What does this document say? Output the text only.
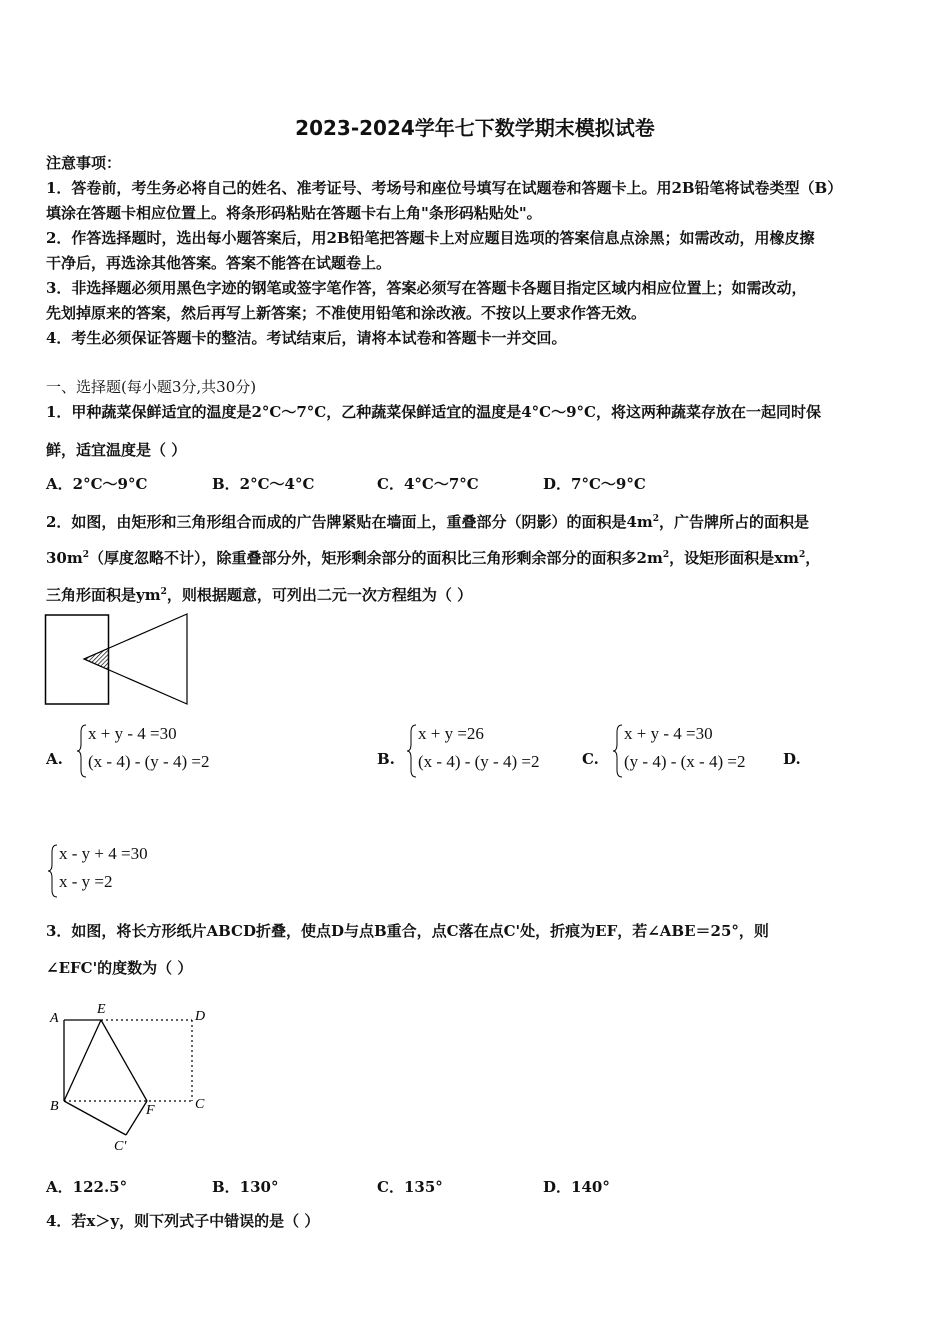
2023-2024学年七下数学期末模拟试卷
注意事项：
1．答卷前，考生务必将自己的姓名、准考证号、考场号和座位号填写在试题卷和答题卡上。用2B铅笔将试卷类型（B）
填涂在答题卡相应位置上。将条形码粘贴在答题卡右上角"条形码粘贴处"。
2．作答选择题时，选出每小题答案后，用2B铅笔把答题卡上对应题目选项的答案信息点涂黑；如需改动，用橡皮擦
干净后，再选涂其他答案。答案不能答在试题卷上。
3．非选择题必须用黑色字迹的钢笔或签字笔作答，答案必须写在答题卡各题目指定区域内相应位置上；如需改动，
先划掉原来的答案，然后再写上新答案；不准使用铅笔和涂改液。不按以上要求作答无效。
4．考生必须保证答题卡的整洁。考试结束后，请将本试卷和答题卡一并交回。
一、选择题(每小题3分,共30分)
1．甲种蔬菜保鲜适宜的温度是2°C～7°C，乙种蔬菜保鲜适宜的温度是4°C～9°C，将这两种蔬菜存放在一起同时保
鲜，适宜温度是（ ）
A．2°C～9°C	B．2°C～4°C	C．4°C～7°C	D．7°C～9°C
2．如图，由矩形和三角形组合而成的广告牌紧贴在墙面上，重叠部分（阴影）的面积是$4m^2$，广告牌所占的面积是
$30m^2$（厚度忽略不计），除重叠部分外，矩形剩余部分的面积比三角形剩余部分的面积多$2m^2$，设矩形面积是$xm^2$，
三角形面积是$ym^2$，则根据题意，可列出二元一次方程组为（ ）
A.
x + y - 4 =30
(x - 4) - (y - 4) =2	B.
x + y =26
(x - 4) - (y - 4) =2	C.
x + y - 4 =30
(y - 4) - (x - 4) =2	D.
x - y + 4 =30
x - y =2
3．如图，将长方形纸片ABCD折叠，使点D与点B重合，点C落在点C'处，折痕为EF，若∠ABE＝25°，则
∠EFC'的度数为（ ）
A
E	D
B	F	C
C'
A．122.5°	B．130°	C．135°	D．140°
4．若x＞y，则下列式子中错误的是（ ）
